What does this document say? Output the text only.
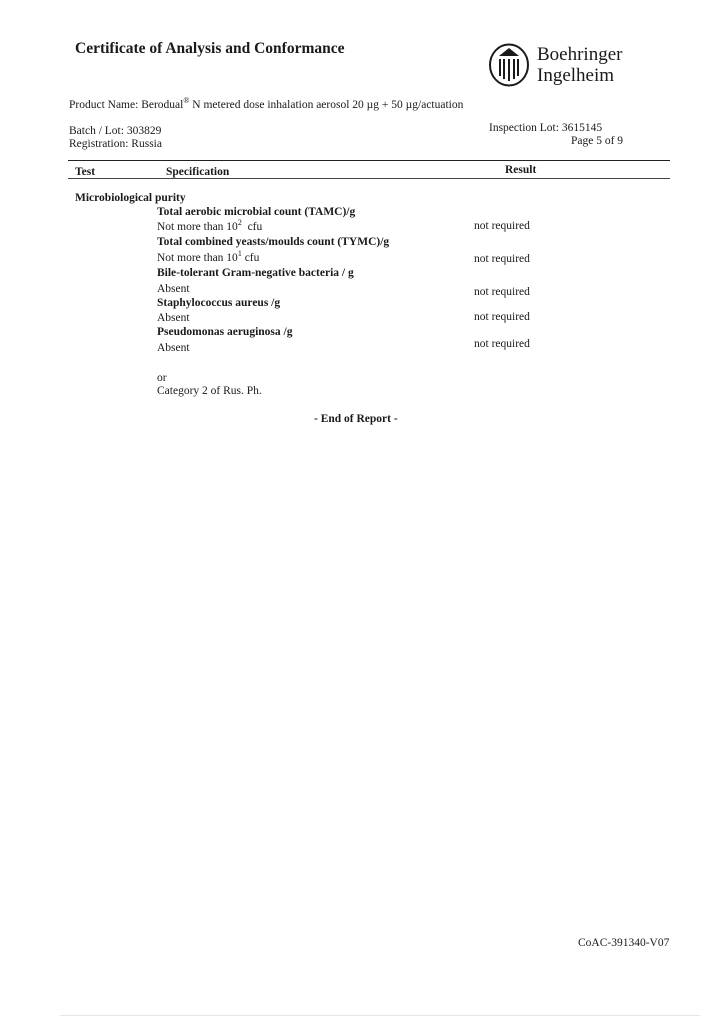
Certificate of Analysis and Conformance	Boehringer
Ingelheim
Product Name: Berodual® N metered dose inhalation aerosol 20 µg + 50 µg/actuation
Batch / Lot: 303829
Registration: Russia
Inspection Lot: 3615145
Page 5 of 9
Test	Specification	Result
Microbiological purity
Total aerobic microbial count (TAMC)/g
Not more than $10^2$  cfu	not required
Total combined yeasts/moulds count (TYMC)/g
Not more than $10^1$ cfu	not required
Bile-tolerant Gram-negative bacteria / g
Absent	not required
Staphylococcus aureus /g
Absent	not required
Pseudomonas aeruginosa /g
Absent	not required
or
Category 2 of Rus. Ph.
- End of Report -
CoAC-391340-V07
